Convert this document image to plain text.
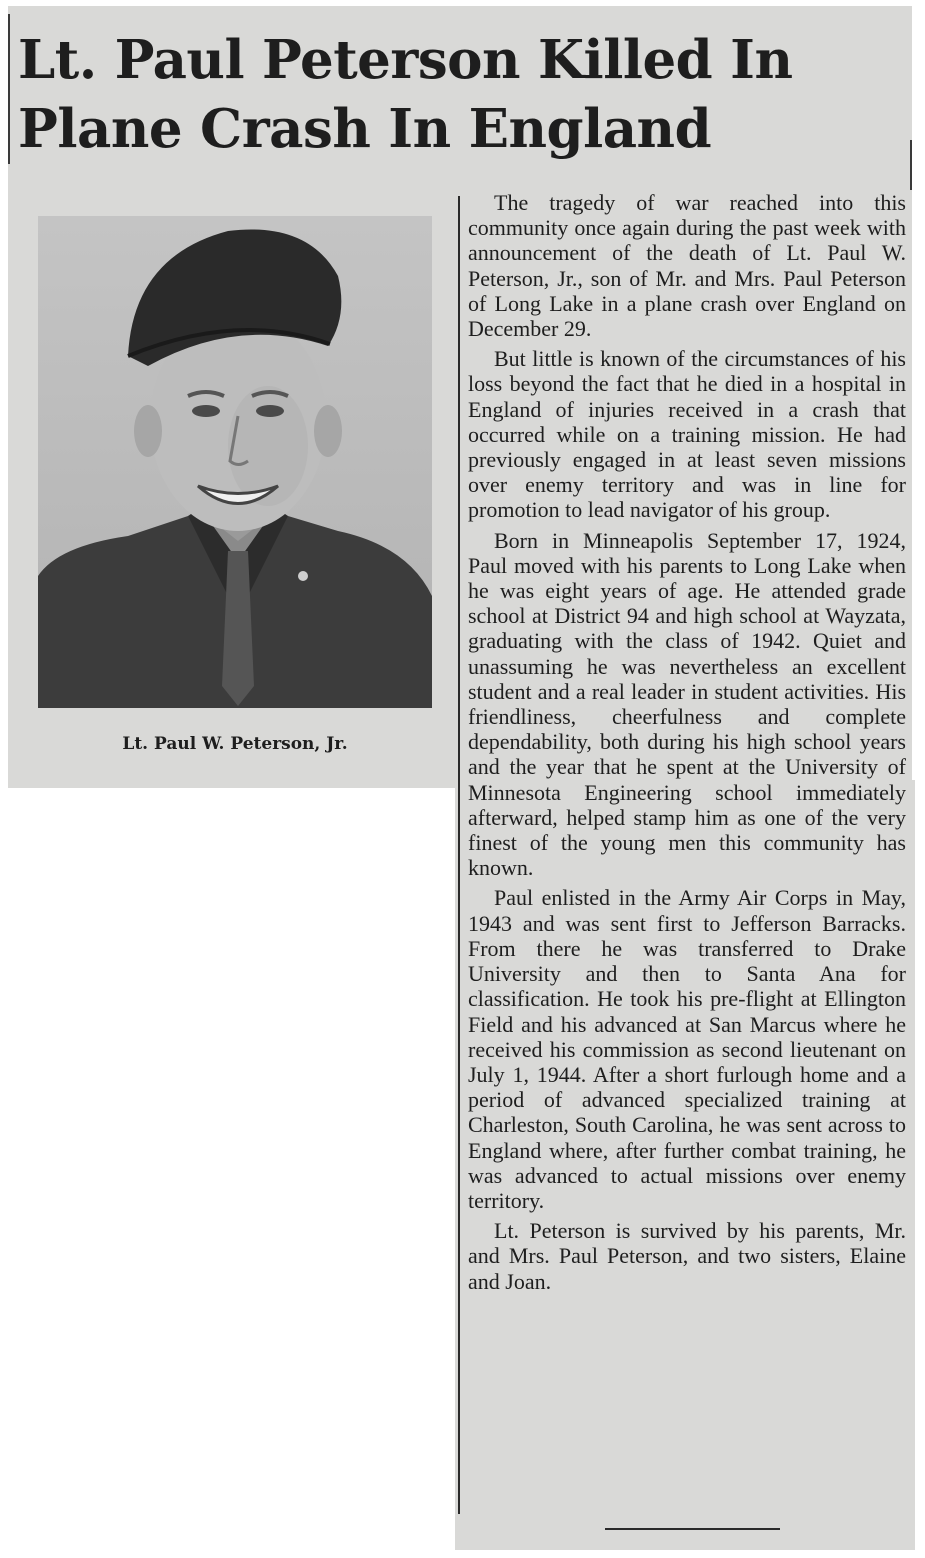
Lt. Paul Peterson Killed In Plane Crash In England

Lt. Paul W. Peterson, Jr.

The tragedy of war reached into this community once again during the past week with announcement of the death of Lt. Paul W. Peterson, Jr., son of Mr. and Mrs. Paul Peterson of Long Lake in a plane crash over England on December 29.

But little is known of the circumstances of his loss beyond the fact that he died in a hospital in England of injuries received in a crash that occurred while on a training mission. He had previously engaged in at least seven missions over enemy territory and was in line for promotion to lead navigator of his group.

Born in Minneapolis September 17, 1924, Paul moved with his parents to Long Lake when he was eight years of age. He attended grade school at District 94 and high school at Wayzata, graduating with the class of 1942. Quiet and unassuming he was nevertheless an excellent student and a real leader in student activities. His friendliness, cheerfulness and complete dependability, both during his high school years and the year that he spent at the University of Minnesota Engineering school immediately afterward, helped stamp him as one of the very finest of the young men this community has known.

Paul enlisted in the Army Air Corps in May, 1943 and was sent first to Jefferson Barracks. From there he was transferred to Drake University and then to Santa Ana for classification. He took his pre-flight at Ellington Field and his advanced at San Marcus where he received his commission as second lieutenant on July 1, 1944. After a short furlough home and a period of advanced specialized training at Charleston, South Carolina, he was sent across to England where, after further combat training, he was advanced to actual missions over enemy territory.

Lt. Peterson is survived by his parents, Mr. and Mrs. Paul Peterson, and two sisters, Elaine and Joan.
